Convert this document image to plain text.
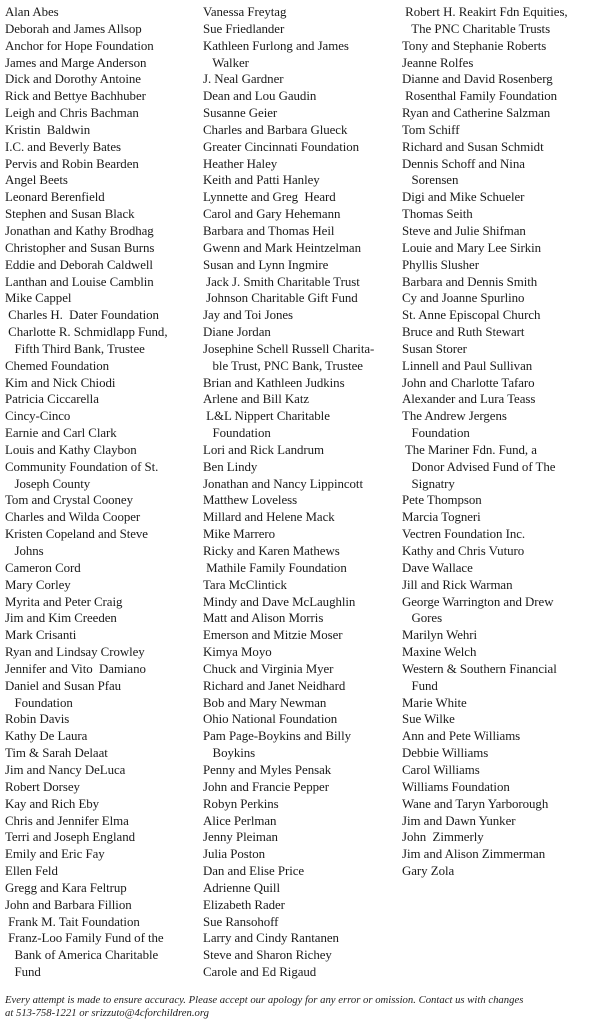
Alan Abes
Deborah and James Allsop
Anchor for Hope Foundation
James and Marge Anderson
Dick and Dorothy Antoine
Rick and Bettye Bachhuber
Leigh and Chris Bachman
Kristin  Baldwin
I.C. and Beverly Bates
Pervis and Robin Bearden
Angel Beets
Leonard Berenfield
Stephen and Susan Black
Jonathan and Kathy Brodhag
Christopher and Susan Burns
Eddie and Deborah Caldwell
Lanthan and Louise Camblin
Mike Cappel
Charles H.  Dater Foundation
Charlotte R. Schmidlapp Fund,
Fifth Third Bank, Trustee
Chemed Foundation
Kim and Nick Chiodi
Patricia Ciccarella
Cincy-Cinco
Earnie and Carl Clark
Louis and Kathy Claybon
Community Foundation of St.
Joseph County
Tom and Crystal Cooney
Charles and Wilda Cooper
Kristen Copeland and Steve
Johns
Cameron Cord
Mary Corley
Myrita and Peter Craig
Jim and Kim Creeden
Mark Crisanti
Ryan and Lindsay Crowley
Jennifer and Vito  Damiano
Daniel and Susan Pfau
Foundation
Robin Davis
Kathy De Laura
Tim & Sarah Delaat
Jim and Nancy DeLuca
Robert Dorsey
Kay and Rich Eby
Chris and Jennifer Elma
Terri and Joseph England
Emily and Eric Fay
Ellen Feld
Gregg and Kara Feltrup
John and Barbara Fillion
Frank M. Tait Foundation
Franz-Loo Family Fund of the
Bank of America Charitable
Fund
Vanessa Freytag
Sue Friedlander
Kathleen Furlong and James
Walker
J. Neal Gardner
Dean and Lou Gaudin
Susanne Geier
Charles and Barbara Glueck
Greater Cincinnati Foundation
Heather Haley
Keith and Patti Hanley
Lynnette and Greg  Heard
Carol and Gary Hehemann
Barbara and Thomas Heil
Gwenn and Mark Heintzelman
Susan and Lynn Ingmire
Jack J. Smith Charitable Trust
Johnson Charitable Gift Fund
Jay and Toi Jones
Diane Jordan
Josephine Schell Russell Charita-
ble Trust, PNC Bank, Trustee
Brian and Kathleen Judkins
Arlene and Bill Katz
L&L Nippert Charitable
Foundation
Lori and Rick Landrum
Ben Lindy
Jonathan and Nancy Lippincott
Matthew Loveless
Millard and Helene Mack
Mike Marrero
Ricky and Karen Mathews
Mathile Family Foundation
Tara McClintick
Mindy and Dave McLaughlin
Matt and Alison Morris
Emerson and Mitzie Moser
Kimya Moyo
Chuck and Virginia Myer
Richard and Janet Neidhard
Bob and Mary Newman
Ohio National Foundation
Pam Page-Boykins and Billy
Boykins
Penny and Myles Pensak
John and Francie Pepper
Robyn Perkins
Alice Perlman
Jenny Pleiman
Julia Poston
Dan and Elise Price
Adrienne Quill
Elizabeth Rader
Sue Ransohoff
Larry and Cindy Rantanen
Steve and Sharon Richey
Carole and Ed Rigaud
Robert H. Reakirt Fdn Equities,
The PNC Charitable Trusts
Tony and Stephanie Roberts
Jeanne Rolfes
Dianne and David Rosenberg
Rosenthal Family Foundation
Ryan and Catherine Salzman
Tom Schiff
Richard and Susan Schmidt
Dennis Schoff and Nina
Sorensen
Digi and Mike Schueler
Thomas Seith
Steve and Julie Shifman
Louie and Mary Lee Sirkin
Phyllis Slusher
Barbara and Dennis Smith
Cy and Joanne Spurlino
St. Anne Episcopal Church
Bruce and Ruth Stewart
Susan Storer
Linnell and Paul Sullivan
John and Charlotte Tafaro
Alexander and Lura Teass
The Andrew Jergens
Foundation
The Mariner Fdn. Fund, a
Donor Advised Fund of The
Signatry
Pete Thompson
Marcia Togneri
Vectren Foundation Inc.
Kathy and Chris Vuturo
Dave Wallace
Jill and Rick Warman
George Warrington and Drew
Gores
Marilyn Wehri
Maxine Welch
Western & Southern Financial
Fund
Marie White
Sue Wilke
Ann and Pete Williams
Debbie Williams
Carol Williams
Williams Foundation
Wane and Taryn Yarborough
Jim and Dawn Yunker
John  Zimmerly
Jim and Alison Zimmerman
Gary Zola
Every attempt is made to ensure accuracy. Please accept our apology for any error or omission. Contact us with changes
at 513-758-1221 or srizzuto@4cforchildren.org
